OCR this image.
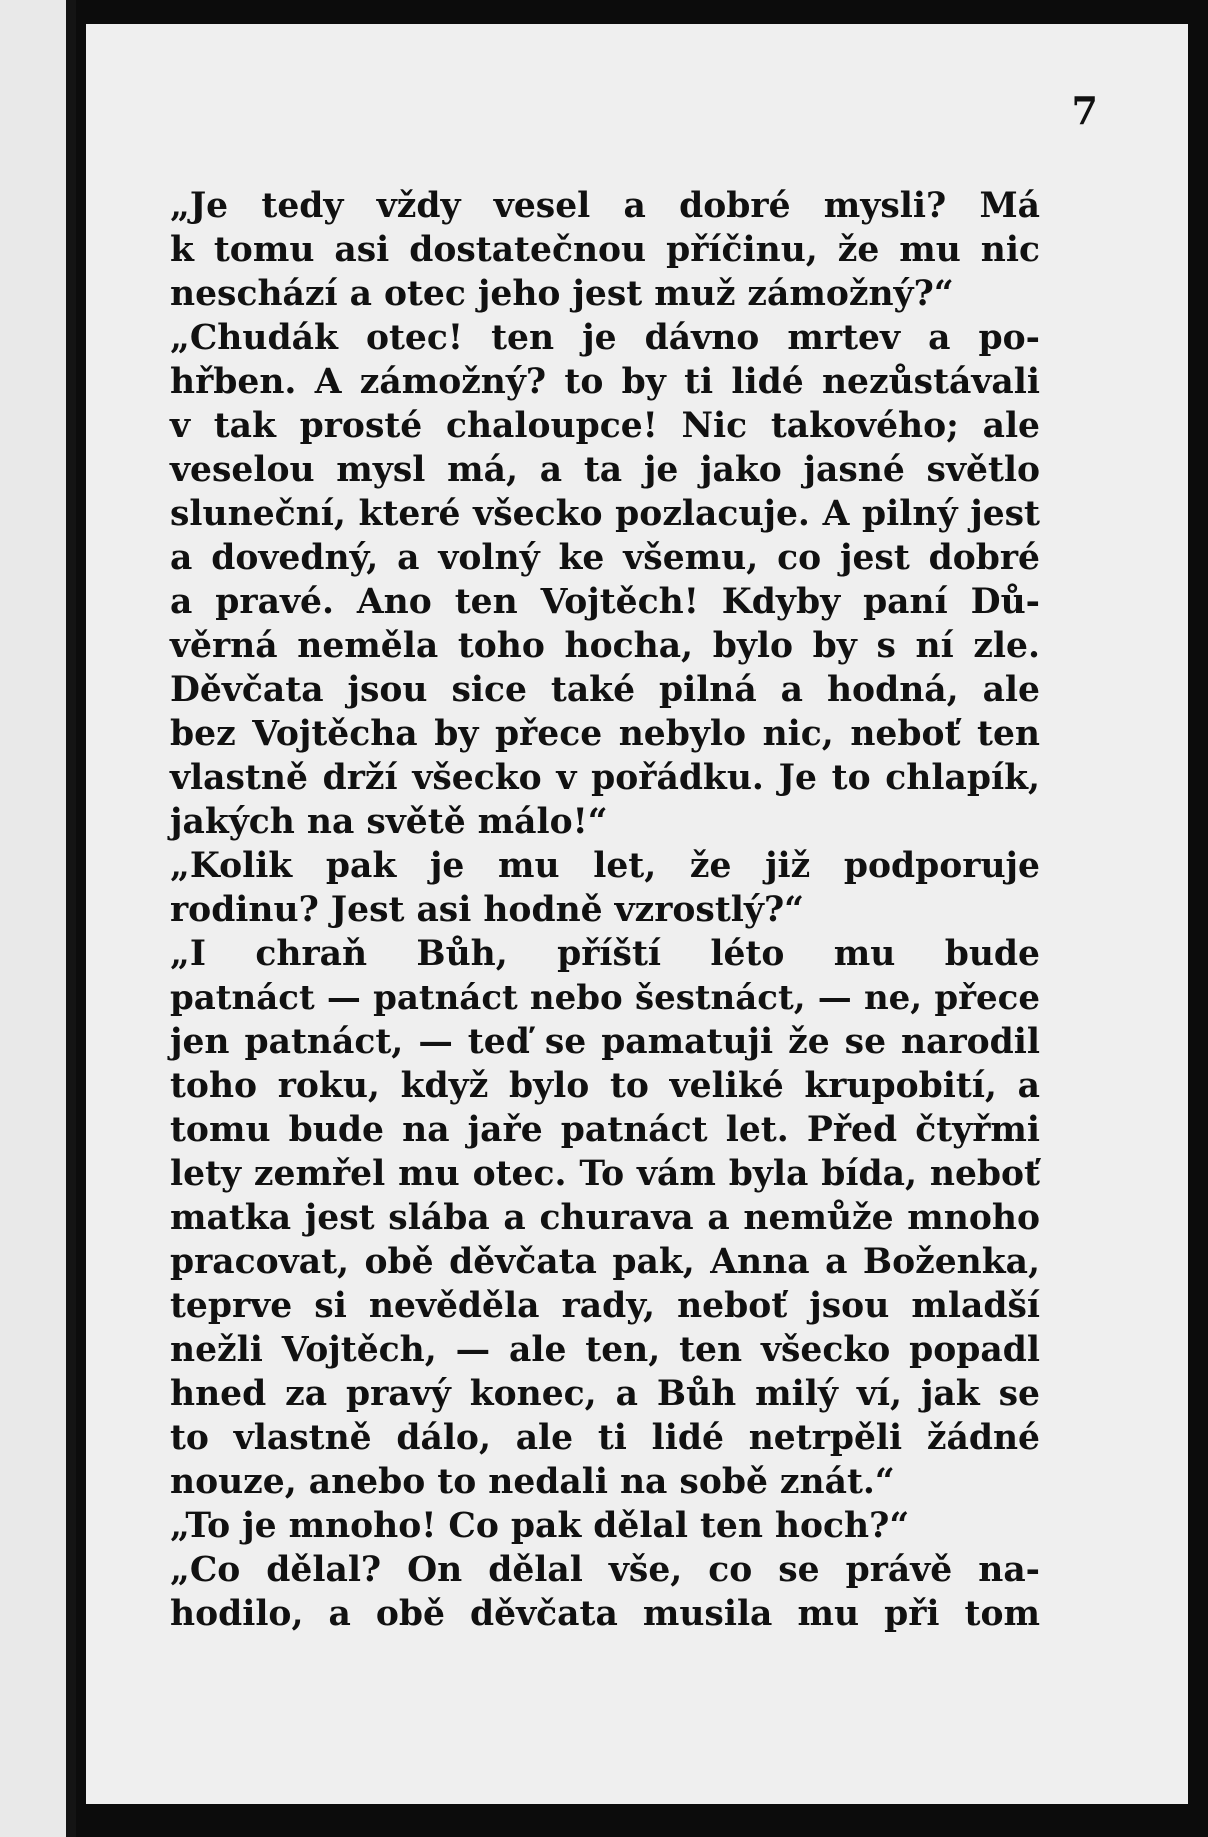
7
„Je tedy vždy vesel a dobré mysli? Má
k tomu asi dostatečnou příčinu, že mu nic
neschází a otec jeho jest muž zámožný?“
„Chudák otec! ten je dávno mrtev a po-
hřben. A zámožný? to by ti lidé nezůstávali
v tak prosté chaloupce! Nic takového; ale
veselou mysl má, a ta je jako jasné světlo
sluneční, které všecko pozlacuje. A pilný jest
a dovedný, a volný ke všemu, co jest dobré
a pravé. Ano ten Vojtěch! Kdyby paní Dů-
věrná neměla toho hocha, bylo by s ní zle.
Děvčata jsou sice také pilná a hodná, ale
bez Vojtěcha by přece nebylo nic, neboť ten
vlastně drží všecko v pořádku. Je to chlapík,
jakých na světě málo!“
„Kolik pak je mu let, že již podporuje
rodinu? Jest asi hodně vzrostlý?“
„I chraň Bůh, příští léto mu bude
patnáct — patnáct nebo šestnáct, — ne, přece
jen patnáct, — teď se pamatuji že se narodil
toho roku, když bylo to veliké krupobití, a
tomu bude na jaře patnáct let. Před čtyřmi
lety zemřel mu otec. To vám byla bída, neboť
matka jest slába a churava a nemůže mnoho
pracovat, obě děvčata pak, Anna a Boženka,
teprve si nevěděla rady, neboť jsou mladší
nežli Vojtěch, — ale ten, ten všecko popadl
hned za pravý konec, a Bůh milý ví, jak se
to vlastně dálo, ale ti lidé netrpěli žádné
nouze, anebo to nedali na sobě znát.“
„To je mnoho! Co pak dělal ten hoch?“
„Co dělal? On dělal vše, co se právě na-
hodilo, a obě děvčata musila mu při tom
